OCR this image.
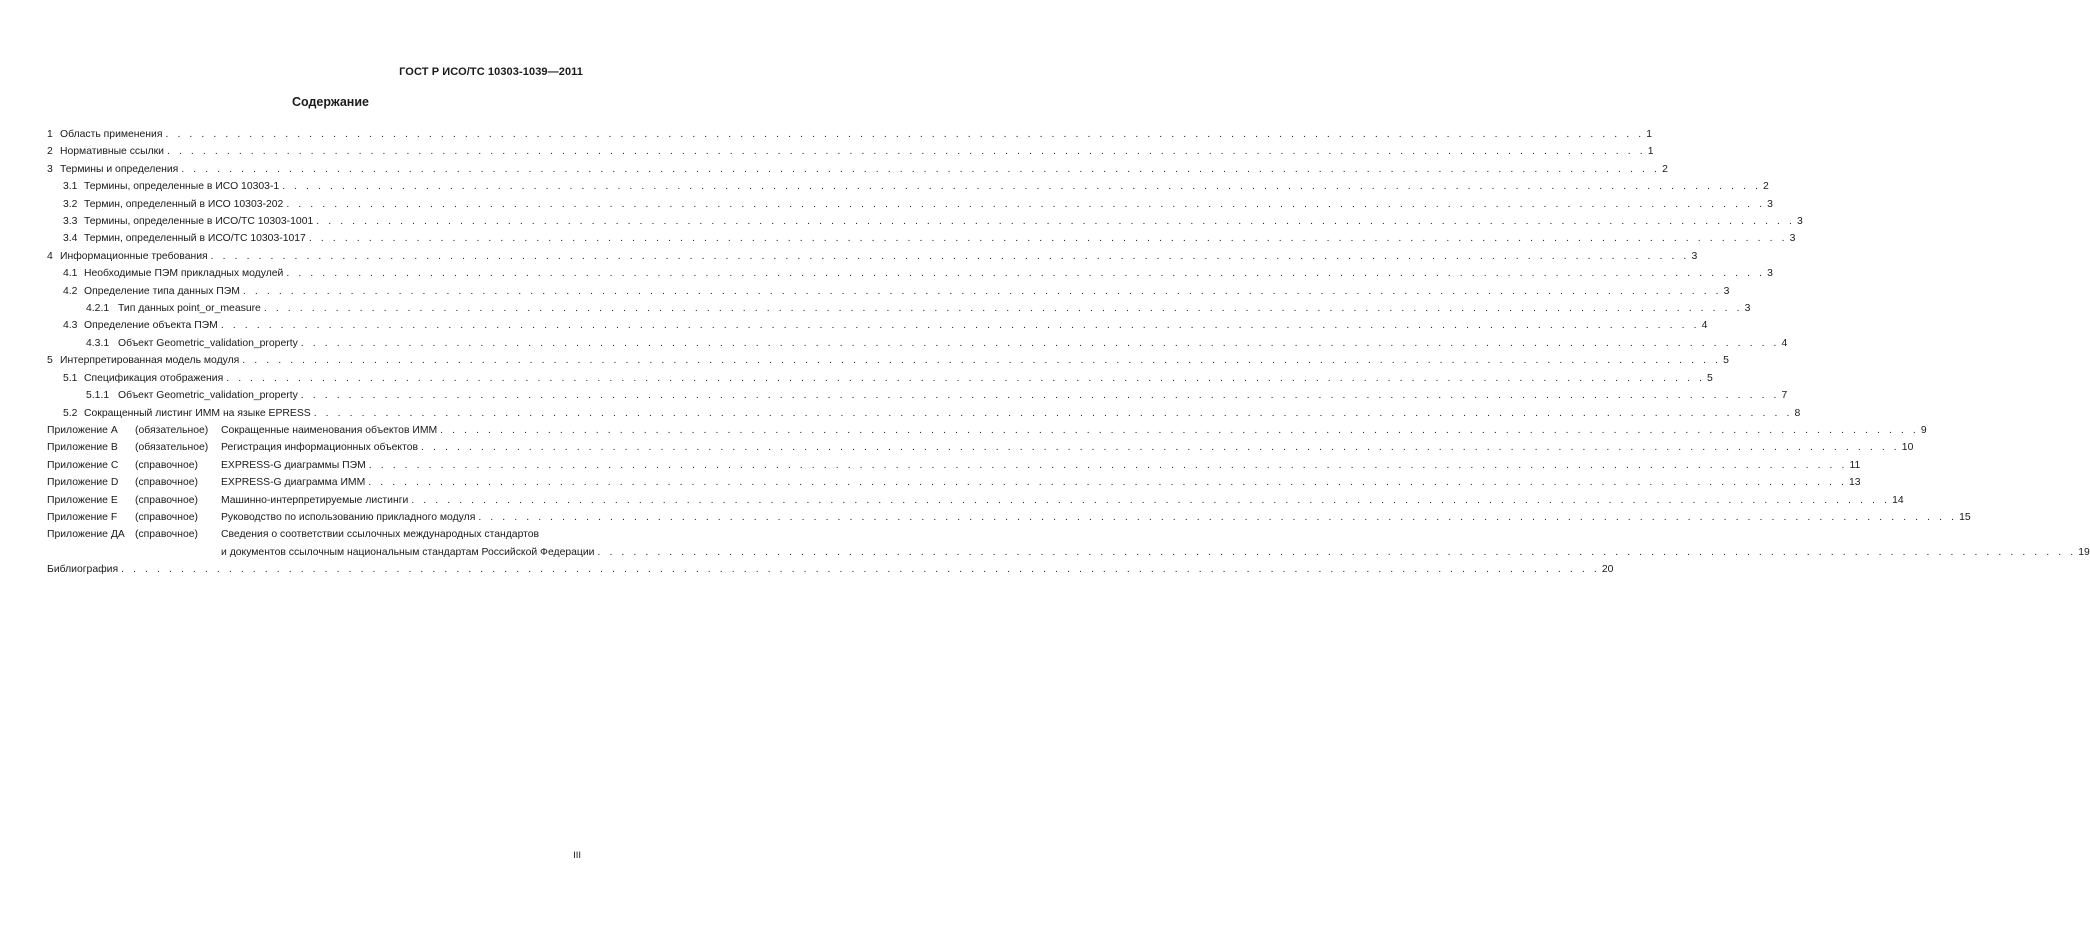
ГОСТ Р ИСО/ТС 10303-1039—2011
Содержание
1 Область применения . . .	1
2 Нормативные ссылки . . .	1
3 Термины и определения . . .	2
3.1 Термины, определенные в ИСО 10303-1 . . .	2
3.2 Термин, определенный в ИСО 10303-202 . . .	3
3.3 Термины, определенные в ИСО/ТС 10303-1001 . . .	3
3.4 Термин, определенный в ИСО/ТС 10303-1017 . . .	3
4 Информационные требования . . .	3
4.1 Необходимые ПЭМ прикладных модулей . . .	3
4.2 Определение типа данных ПЭМ . . .	3
4.2.1 Тип данных point_or_measure . . .	3
4.3 Определение объекта ПЭМ . . .	4
4.3.1 Объект Geometric_validation_property . . .	4
5 Интерпретированная модель модуля . . .	5
5.1 Спецификация отображения . . .	5
5.1.1 Объект Geometric_validation_property . . .	7
5.2 Сокращенный листинг ИММ на языке EPRESS . . .	8
Приложение А	(обязательное)	Сокращенные наименования объектов ИММ . . .	9
Приложение В	(обязательное)	Регистрация информационных объектов . . .	10
Приложение С	(справочное)	EXPRESS-G диаграммы ПЭМ . . .	11
Приложение D	(справочное)	EXPRESS-G диаграмма ИММ . . .	13
Приложение Е	(справочное)	Машинно-интерпретируемые листинги . . .	14
Приложение F	(справочное)	Руководство по использованию прикладного модуля . . .	15
Приложение ДА (справочное)	Сведения о соответствии ссылочных международных стандартов
и документов ссылочным национальным стандартам Российской Федерации . . .	19
Библиография . . .	20
III
